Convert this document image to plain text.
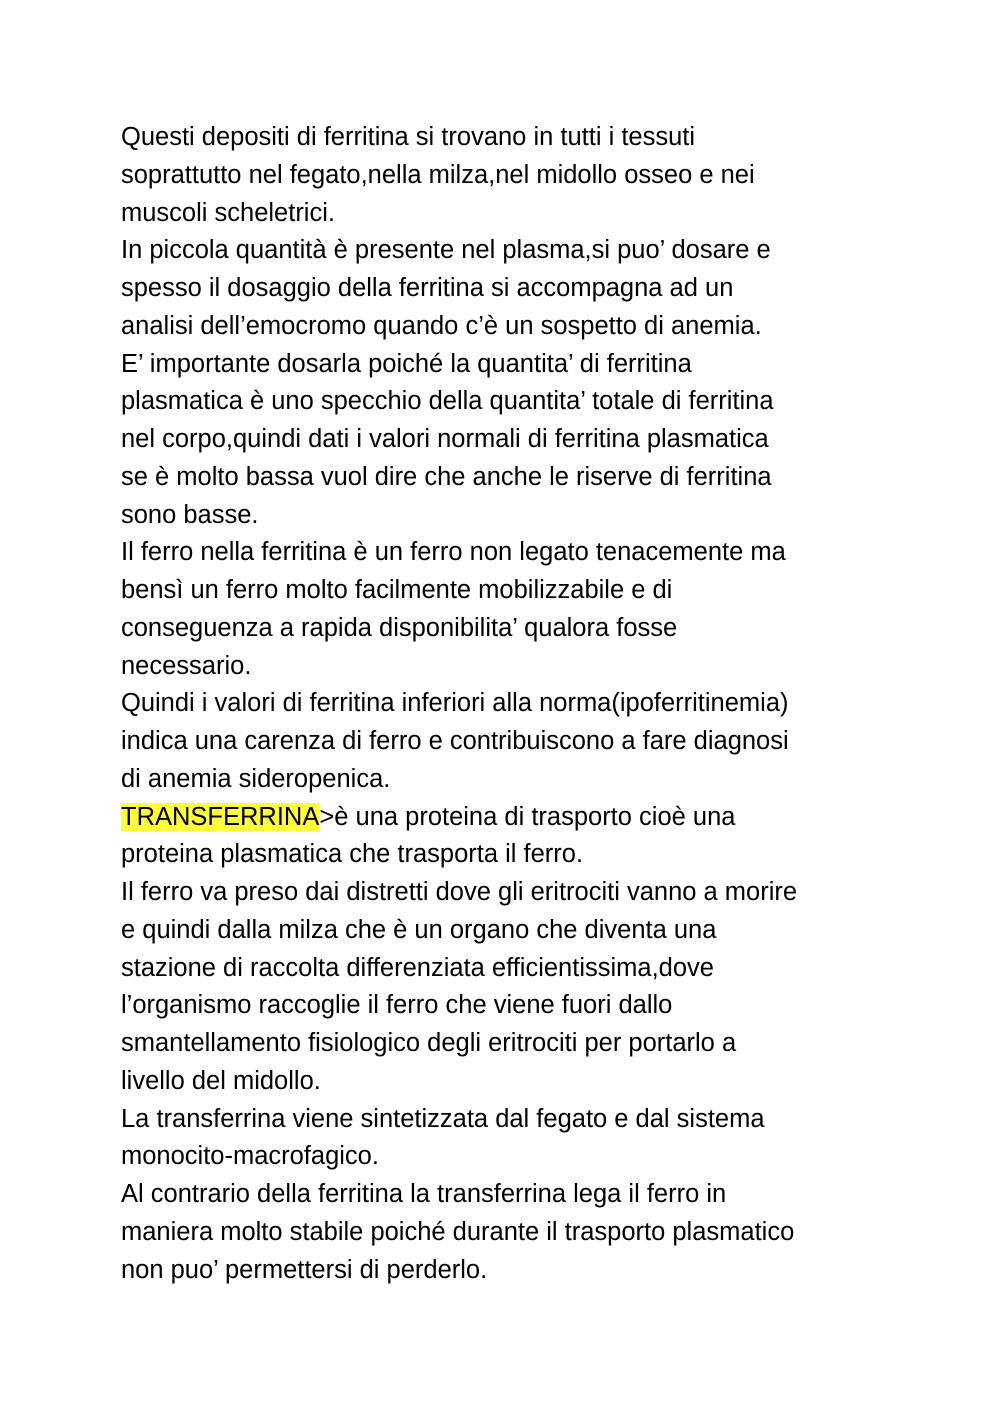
Questi depositi di ferritina si trovano in tutti i tessuti
soprattutto nel fegato,nella milza,nel midollo osseo e nei
muscoli scheletrici.
In piccola quantità è presente nel plasma,si puo’ dosare e
spesso il dosaggio della ferritina si accompagna ad un
analisi dell’emocromo quando c’è un sospetto di anemia.
E’ importante dosarla poiché la quantita’ di ferritina
plasmatica è uno specchio della quantita’ totale di ferritina
nel corpo,quindi dati i valori normali di ferritina plasmatica
se è molto bassa vuol dire che anche le riserve di ferritina
sono basse.
Il ferro nella ferritina è un ferro non legato tenacemente ma
bensì un ferro molto facilmente mobilizzabile e di
conseguenza a rapida disponibilita’ qualora fosse
necessario.
Quindi i valori di ferritina inferiori alla norma(ipoferritinemia)
indica una carenza di ferro e contribuiscono a fare diagnosi
di anemia sideropenica.
TRANSFERRINA>è una proteina di trasporto cioè una
proteina plasmatica che trasporta il ferro.
Il ferro va preso dai distretti dove gli eritrociti vanno a morire
e quindi dalla milza che è un organo che diventa una
stazione di raccolta differenziata efficientissima,dove
l’organismo raccoglie il ferro che viene fuori dallo
smantellamento fisiologico degli eritrociti per portarlo a
livello del midollo.
La transferrina viene sintetizzata dal fegato e dal sistema
monocito-macrofagico.
Al contrario della ferritina la transferrina lega il ferro in
maniera molto stabile poiché durante il trasporto plasmatico
non puo’ permettersi di perderlo.
